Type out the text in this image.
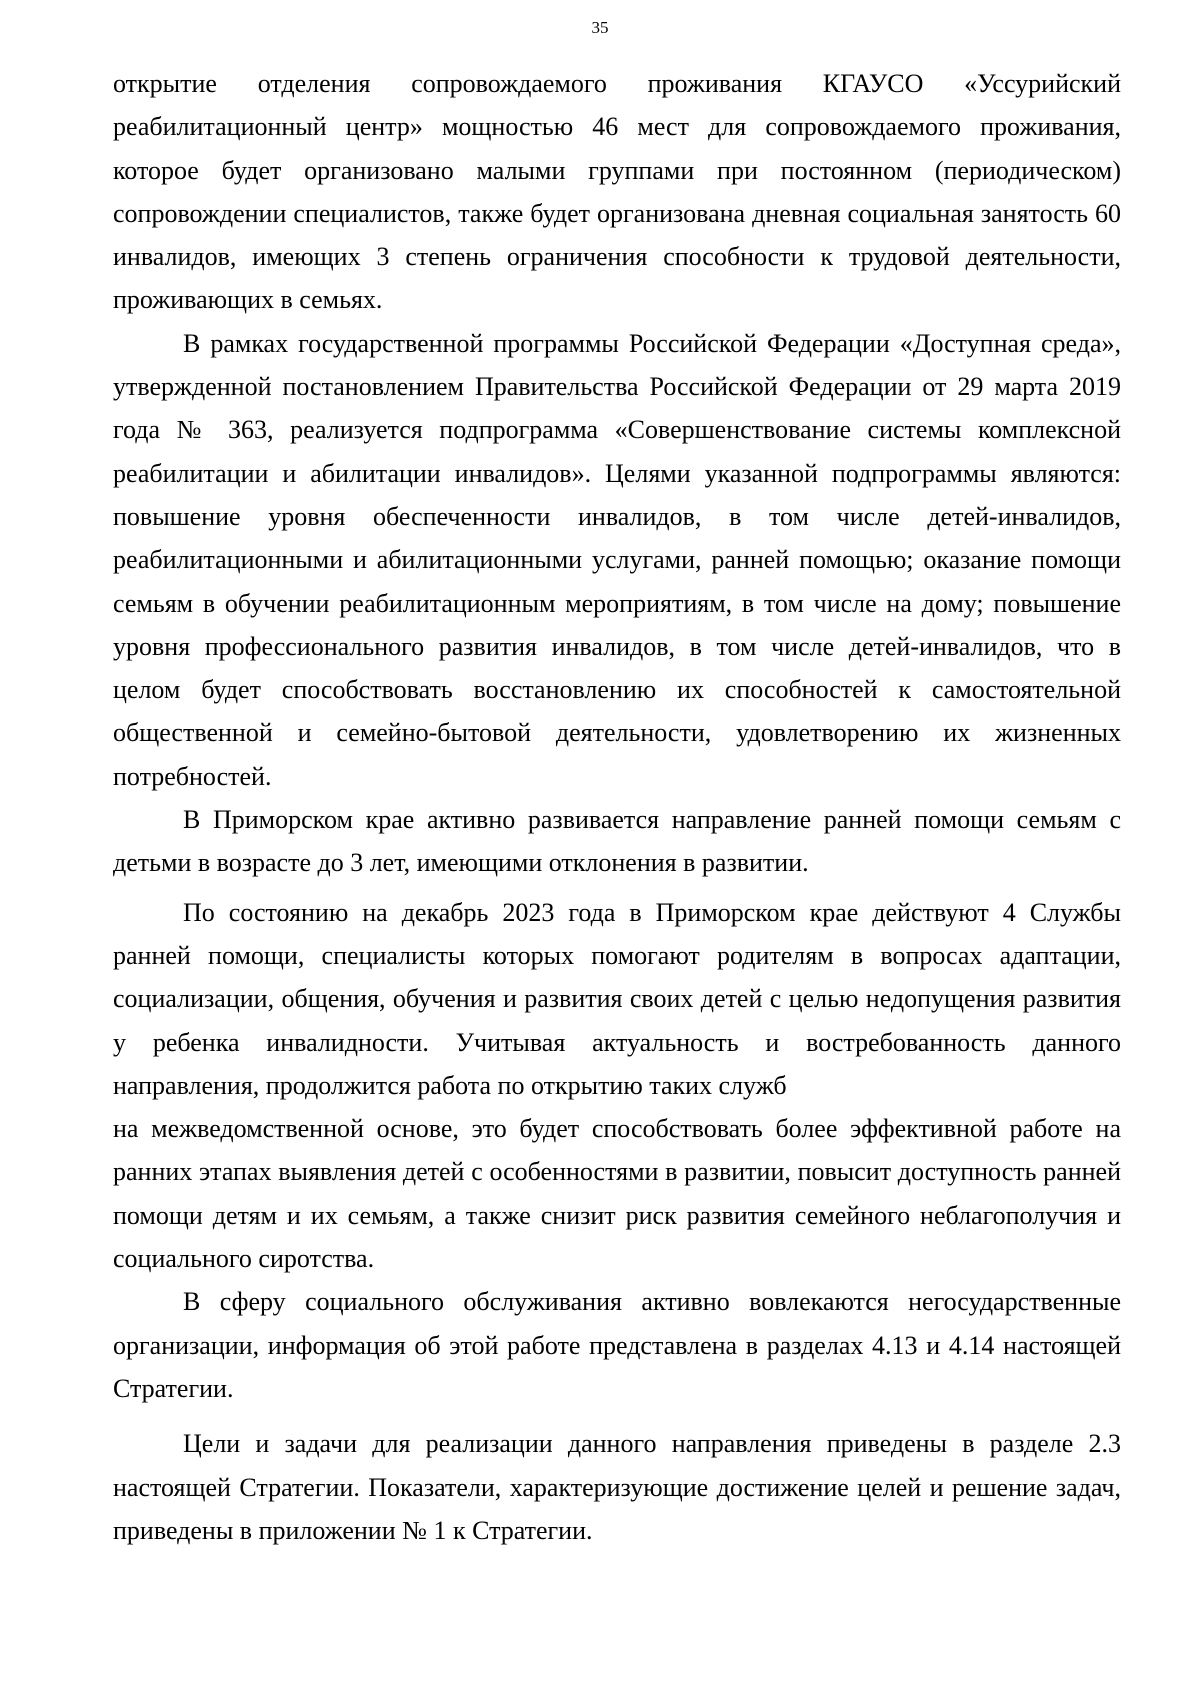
35

открытие отделения сопровождаемого проживания КГАУСО «Уссурийский реабилитационный центр» мощностью 46 мест для сопровождаемого проживания, которое будет организовано малыми группами при постоянном (периодическом) сопровождении специалистов, также будет организована дневная социальная занятость 60 инвалидов, имеющих 3 степень ограничения способности к трудовой деятельности, проживающих в семьях.

В рамках государственной программы Российской Федерации «Доступная среда», утвержденной постановлением Правительства Российской Федерации от 29 марта 2019 года № 363, реализуется подпрограмма «Совершенствование системы комплексной реабилитации и абилитации инвалидов». Целями указанной подпрограммы являются: повышение уровня обеспеченности инвалидов, в том числе детей-инвалидов, реабилитационными и абилитационными услугами, ранней помощью; оказание помощи семьям в обучении реабилитационным мероприятиям, в том числе на дому; повышение уровня профессионального развития инвалидов, в том числе детей-инвалидов, что в целом будет способствовать восстановлению их способностей к самостоятельной общественной и семейно-бытовой деятельности, удовлетворению их жизненных потребностей.

В Приморском крае активно развивается направление ранней помощи семьям с детьми в возрасте до 3 лет, имеющими отклонения в развитии.

По состоянию на декабрь 2023 года в Приморском крае действуют 4 Службы ранней помощи, специалисты которых помогают родителям в вопросах адаптации, социализации, общения, обучения и развития своих детей с целью недопущения развития у ребенка инвалидности. Учитывая актуальность и востребованность данного направления, продолжится работа по открытию таких служб

на межведомственной основе, это будет способствовать более эффективной работе на ранних этапах выявления детей с особенностями в развитии, повысит доступность ранней помощи детям и их семьям, а также снизит риск развития семейного неблагополучия и социального сиротства.

В сферу социального обслуживания активно вовлекаются негосударственные организации, информация об этой работе представлена в разделах 4.13 и 4.14 настоящей Стратегии.

Цели и задачи для реализации данного направления приведены в разделе 2.3 настоящей Стратегии. Показатели, характеризующие достижение целей и решение задач, приведены в приложении № 1 к Стратегии.
